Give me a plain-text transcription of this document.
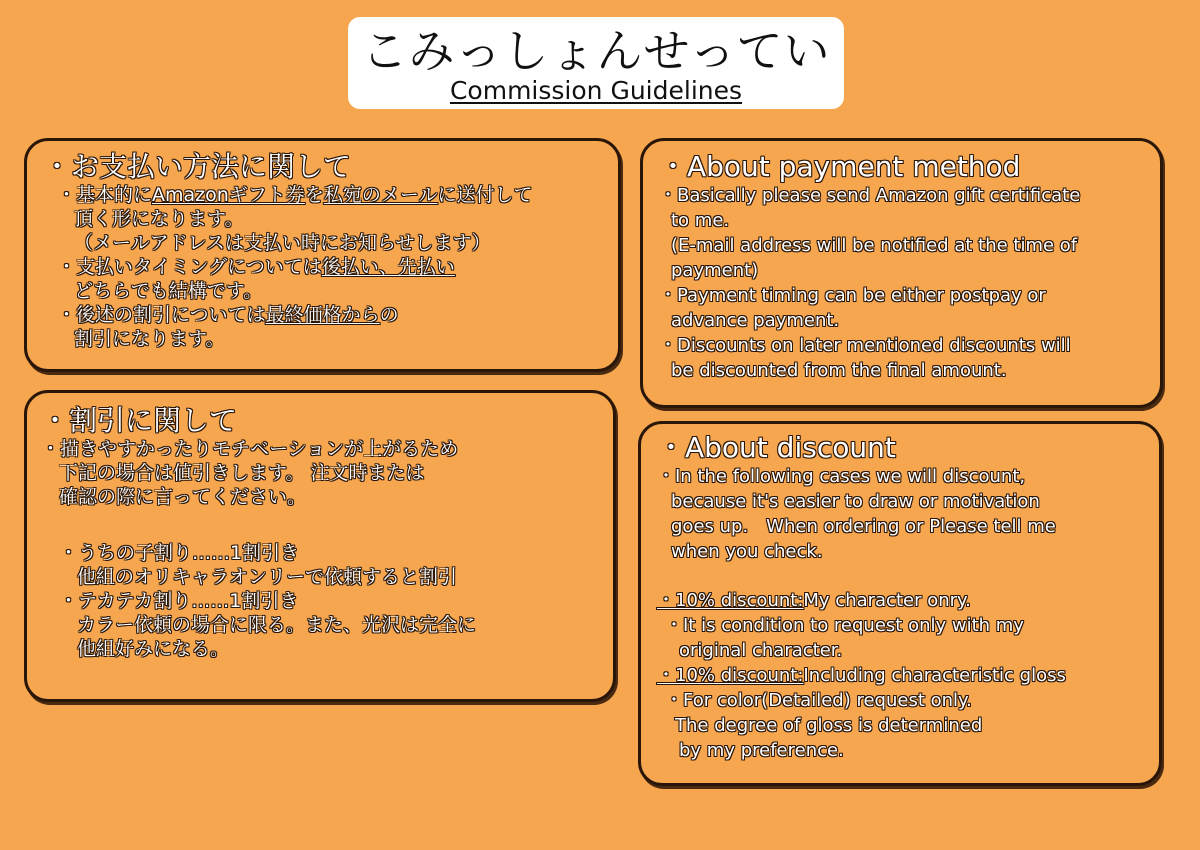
こみっしょんせってい
Commission Guidelines
・お支払い方法に関して
・基本的にAmazonギフト券を私宛のメールに送付して
頂く形になります。
（メールアドレスは支払い時にお知らせします）
・支払いタイミングについては後払い、先払い
どちらでも結構です。
・後述の割引については最終価格からの
割引になります。
・割引に関して
・描きやすかったりモチベーションが上がるため
下記の場合は値引きします。 注文時または
確認の際に言ってください。
・うちの子割り……1割引き
他組のオリキャラオンリーで依頼すると割引
・テカテカ割り……1割引き
カラー依頼の場合に限る。また、光沢は完全に
他組好みになる。
・About payment method
・Basically please send Amazon gift certificate
to me.
(E-mail address will be notified at the time of
payment)
・Payment timing can be either postpay or
advance payment.
・Discounts on later mentioned discounts will
be discounted from the final amount.
・About discount
・In the following cases we will discount,
because it's easier to draw or motivation
goes up.　When ordering or Please tell me
when you check.
・10% discount:My character onry.
・It is condition to request only with my
original character.
・10% discount:Including characteristic gloss
・For color(Detailed) request only.
The degree of gloss is determined
by my preference.
